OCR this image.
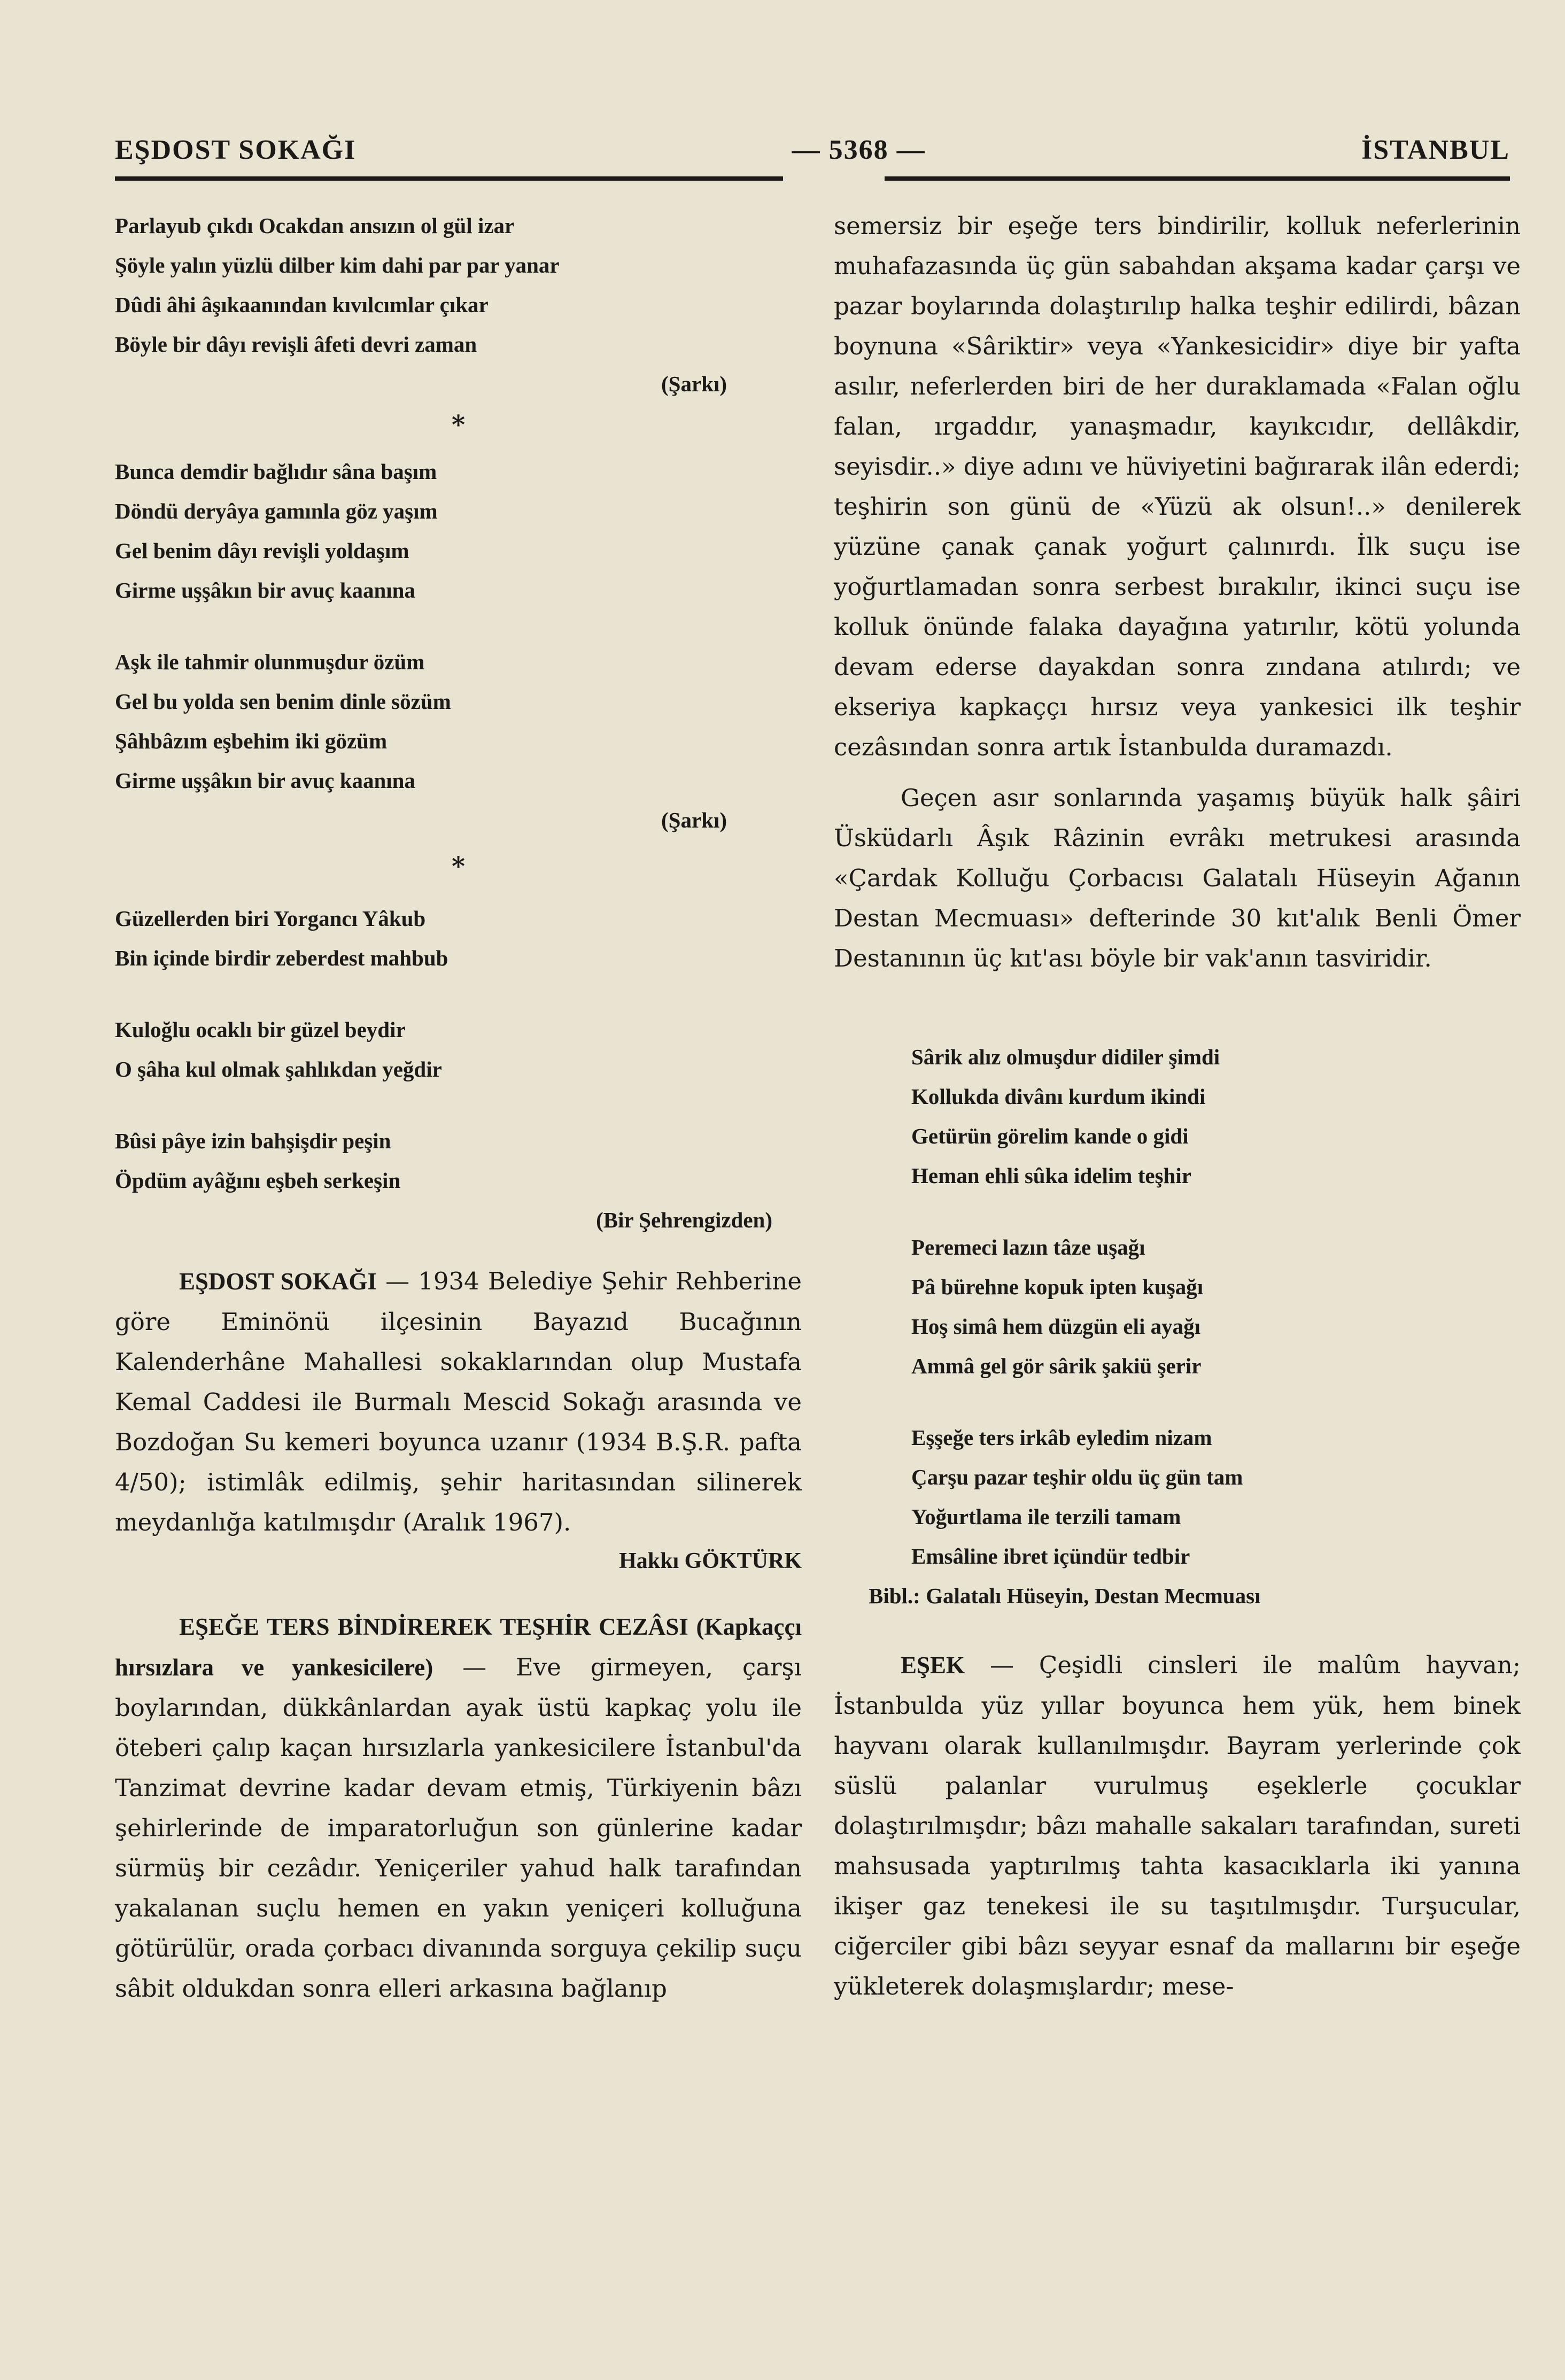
EŞDOST SOKAĞI	— 5368 —	İSTANBUL
Parlayub çıkdı Ocakdan ansızın ol gül izar
Şöyle yalın yüzlü dilber kim dahi par par yanar
Dûdi âhi âşıkaanından kıvılcımlar çıkar
Böyle bir dâyı revişli âfeti devri zaman
(Şarkı)
*
Bunca demdir bağlıdır sâna başım
Döndü deryâya gamınla göz yaşım
Gel benim dâyı revişli yoldaşım
Girme uşşâkın bir avuç kaanına
Aşk ile tahmir olunmuşdur özüm
Gel bu yolda sen benim dinle sözüm
Şâhbâzım eşbehim iki gözüm
Girme uşşâkın bir avuç kaanına
(Şarkı)
*
Güzellerden biri Yorgancı Yâkub
Bin içinde birdir zeberdest mahbub
Kuloğlu ocaklı bir güzel beydir
O şâha kul olmak şahlıkdan yeğdir
Bûsi pâye izin bahşişdir peşin
Öpdüm ayâğını eşbeh serkeşin
(Bir Şehrengizden)
EŞDOST SOKAĞI — 1934 Belediye Şehir Rehberine göre Eminönü ilçesinin Bayazıd Bucağının Kalenderhâne Mahallesi sokaklarından olup Mustafa Kemal Caddesi ile Burmalı Mescid Sokağı arasında ve Bozdoğan Su kemeri boyunca uzanır (1934 B.Ş.R. pafta 4/50); istimlâk edilmiş, şehir haritasından silinerek meydanlığa katılmışdır (Aralık 1967).
Hakkı GÖKTÜRK
EŞEĞE TERS BİNDİREREK TEŞHİR CEZÂSI (Kapkaççı hırsızlara ve yankesicilere) — Eve girmeyen, çarşı boylarından, dükkânlardan ayak üstü kapkaç yolu ile öteberi çalıp kaçan hırsızlarla yankesicilere İstanbul'da Tanzimat devrine kadar devam etmiş, Türkiyenin bâzı şehirlerinde de imparatorluğun son günlerine kadar sürmüş bir cezâdır. Yeniçeriler yahud halk tarafından yakalanan suçlu hemen en yakın yeniçeri kolluğuna götürülür, orada çorbacı divanında sorguya çekilip suçu sâbit oldukdan sonra elleri arkasına bağlanıp
semersiz bir eşeğe ters bindirilir, kolluk neferlerinin muhafazasında üç gün sabahdan akşama kadar çarşı ve pazar boylarında dolaştırılıp halka teşhir edilirdi, bâzan boynuna «Sâriktir» veya «Yankesicidir» diye bir yafta asılır, neferlerden biri de her duraklamada «Falan oğlu falan, ırgaddır, yanaşmadır, kayıkcıdır, dellâkdir, seyisdir..» diye adını ve hüviyetini bağırarak ilân ederdi; teşhirin son günü de «Yüzü ak olsun!..» denilerek yüzüne çanak çanak yoğurt çalınırdı. İlk suçu ise yoğurtlamadan sonra serbest bırakılır, ikinci suçu ise kolluk önünde falaka dayağına yatırılır, kötü yolunda devam ederse dayakdan sonra zındana atılırdı; ve ekseriya kapkaççı hırsız veya yankesici ilk teşhir cezâsından sonra artık İstanbulda duramazdı.
Geçen asır sonlarında yaşamış büyük halk şâiri Üsküdarlı Âşık Râzinin evrâkı metrukesi arasında «Çardak Kolluğu Çorbacısı Galatalı Hüseyin Ağanın Destan Mecmuası» defterinde 30 kıt'alık Benli Ömer Destanının üç kıt'ası böyle bir vak'anın tasviridir.
Sârik alız olmuşdur didiler şimdi
Kollukda divânı kurdum ikindi
Getürün görelim kande o gidi
Heman ehli sûka idelim teşhir
Peremeci lazın tâze uşağı
Pâ bürehne kopuk ipten kuşağı
Hoş simâ hem düzgün eli ayağı
Ammâ gel gör sârik şakiü şerir
Eşşeğe ters irkâb eyledim nizam
Çarşu pazar teşhir oldu üç gün tam
Yoğurtlama ile terzili tamam
Emsâline ibret içündür tedbir
Bibl.: Galatalı Hüseyin, Destan Mecmuası
EŞEK — Çeşidli cinsleri ile malûm hayvan; İstanbulda yüz yıllar boyunca hem yük, hem binek hayvanı olarak kullanılmışdır. Bayram yerlerinde çok süslü palanlar vurulmuş eşeklerle çocuklar dolaştırılmışdır; bâzı mahalle sakaları tarafından, sureti mahsusada yaptırılmış tahta kasacıklarla iki yanına ikişer gaz tenekesi ile su taşıtılmışdır. Turşucular, ciğerciler gibi bâzı seyyar esnaf da mallarını bir eşeğe yükleterek dolaşmışlardır; mese-
